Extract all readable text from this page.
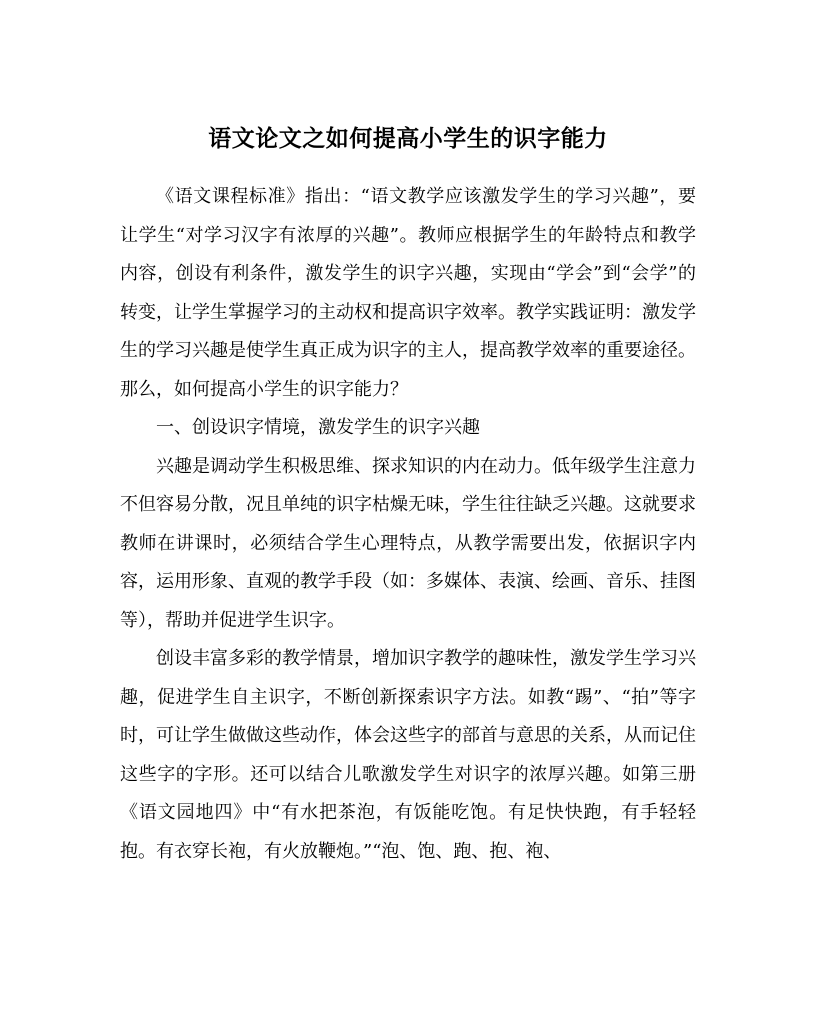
语文论文之如何提高小学生的识字能力

《语文课程标准》指出：“语文教学应该激发学生的学习兴趣”，要让学生“对学习汉字有浓厚的兴趣”。教师应根据学生的年龄特点和教学内容，创设有利条件，激发学生的识字兴趣，实现由“学会”到“会学”的转变，让学生掌握学习的主动权和提高识字效率。教学实践证明：激发学生的学习兴趣是使学生真正成为识字的主人，提高教学效率的重要途径。那么，如何提高小学生的识字能力？

一、创设识字情境，激发学生的识字兴趣

兴趣是调动学生积极思维、探求知识的内在动力。低年级学生注意力不但容易分散，况且单纯的识字枯燥无味，学生往往缺乏兴趣。这就要求教师在讲课时，必须结合学生心理特点，从教学需要出发，依据识字内容，运用形象、直观的教学手段（如：多媒体、表演、绘画、音乐、挂图等），帮助并促进学生识字。

创设丰富多彩的教学情景，增加识字教学的趣味性，激发学生学习兴趣，促进学生自主识字，不断创新探索识字方法。如教“踢”、“拍”等字时，可让学生做做这些动作，体会这些字的部首与意思的关系，从而记住这些字的字形。还可以结合儿歌激发学生对识字的浓厚兴趣。如第三册《语文园地四》中“有水把茶泡，有饭能吃饱。有足快快跑，有手轻轻抱。有衣穿长袍，有火放鞭炮。”“泡、饱、跑、抱、袍、
